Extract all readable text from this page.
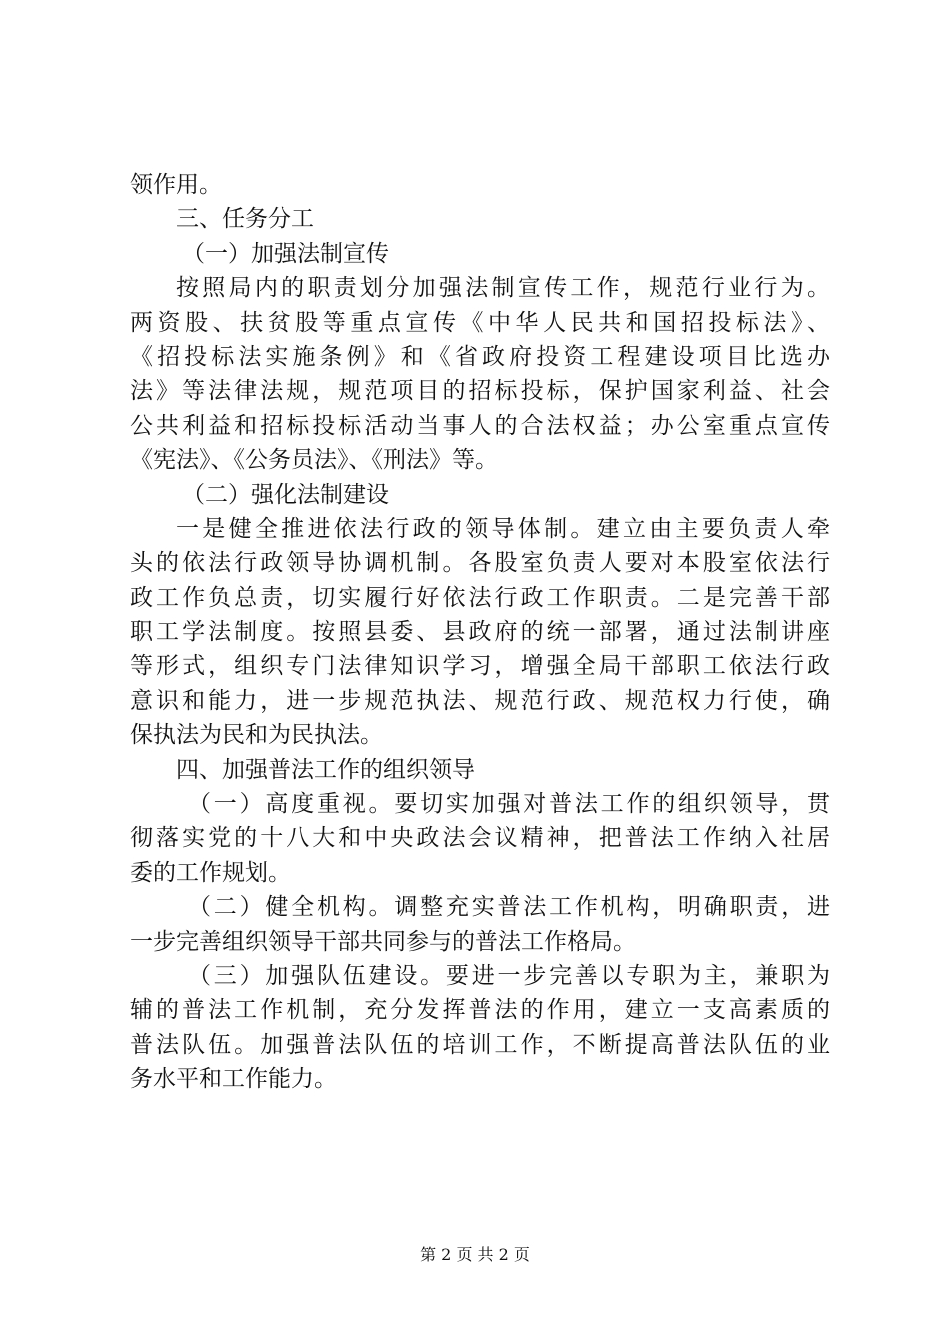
领作用。
三、任务分工
（一）加强法制宣传
按照局内的职责划分加强法制宣传工作，规范行业行为。
两资股、扶贫股等重点宣传《中华人民共和国招投标法》、
《招投标法实施条例》和《省政府投资工程建设项目比选办
法》等法律法规，规范项目的招标投标，保护国家利益、社会
公共利益和招标投标活动当事人的合法权益；办公室重点宣传
《宪法》、《公务员法》、《刑法》等。
（二）强化法制建设
一是健全推进依法行政的领导体制。建立由主要负责人牵
头的依法行政领导协调机制。各股室负责人要对本股室依法行
政工作负总责，切实履行好依法行政工作职责。二是完善干部
职工学法制度。按照县委、县政府的统一部署，通过法制讲座
等形式，组织专门法律知识学习，增强全局干部职工依法行政
意识和能力，进一步规范执法、规范行政、规范权力行使，确
保执法为民和为民执法。
四、加强普法工作的组织领导
（一）高度重视。要切实加强对普法工作的组织领导，贯
彻落实党的十八大和中央政法会议精神，把普法工作纳入社居
委的工作规划。
（二）健全机构。调整充实普法工作机构，明确职责，进
一步完善组织领导干部共同参与的普法工作格局。
（三）加强队伍建设。要进一步完善以专职为主，兼职为
辅的普法工作机制，充分发挥普法的作用，建立一支高素质的
普法队伍。加强普法队伍的培训工作，不断提高普法队伍的业
务水平和工作能力。
第 2 页 共 2 页
